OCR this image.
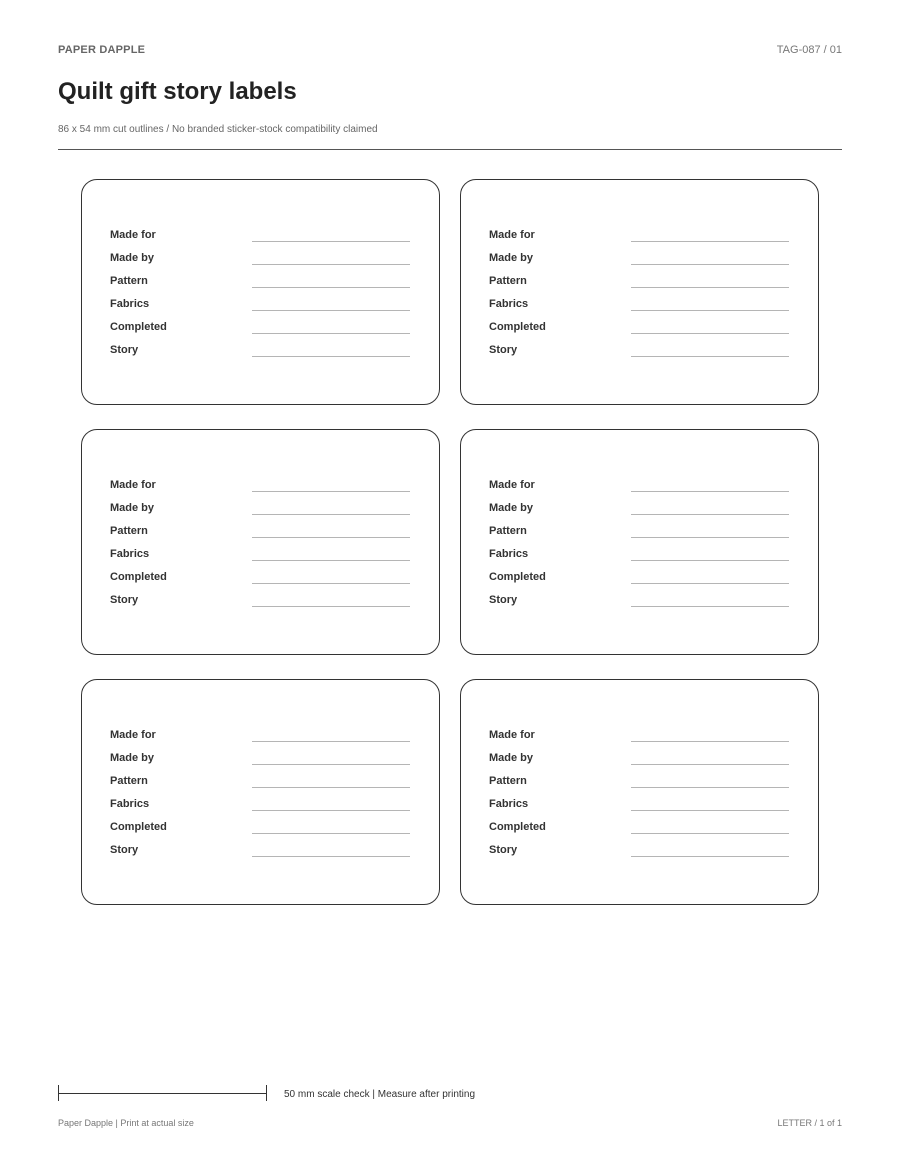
PAPER DAPPLE	TAG-087 / 01
Quilt gift story labels
86 x 54 mm cut outlines / No branded sticker-stock compatibility claimed
Made for
Made by
Pattern
Fabrics
Completed
Story
Made for
Made by
Pattern
Fabrics
Completed
Story
Made for
Made by
Pattern
Fabrics
Completed
Story
Made for
Made by
Pattern
Fabrics
Completed
Story
Made for
Made by
Pattern
Fabrics
Completed
Story
Made for
Made by
Pattern
Fabrics
Completed
Story
50 mm scale check | Measure after printing
Paper Dapple | Print at actual size	LETTER / 1 of 1
